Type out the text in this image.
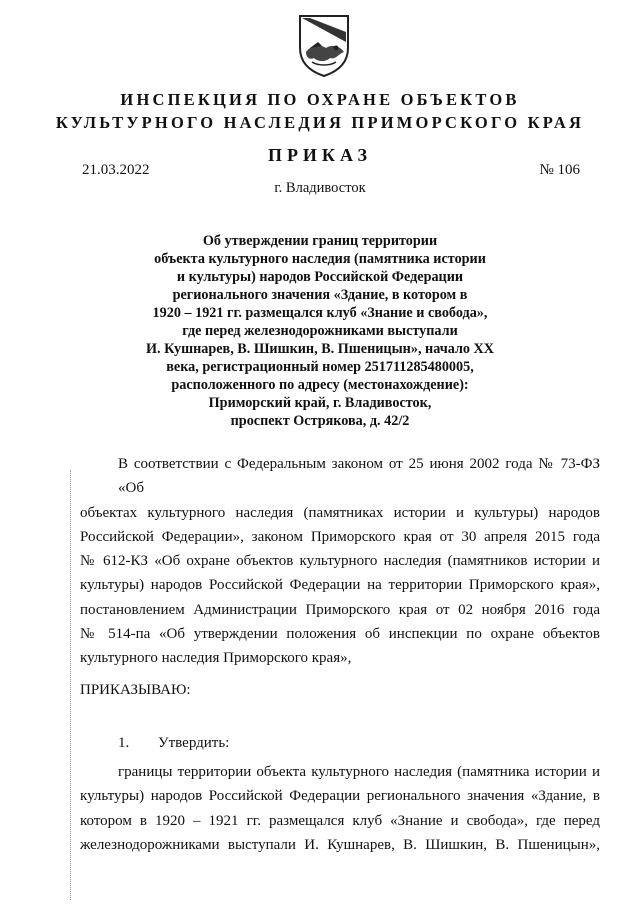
ИНСПЕКЦИЯ ПО ОХРАНЕ ОБЪЕКТОВ
КУЛЬТУРНОГО НАСЛЕДИЯ ПРИМОРСКОГО КРАЯ
ПРИКАЗ
21.03.2022	№ 106
г. Владивосток
Об утверждении границ территории
объекта культурного наследия (памятника истории
и культуры) народов Российской Федерации
регионального значения «Здание, в котором в
1920 – 1921 гг. размещался клуб «Знание и свобода»,
где перед железнодорожниками выступали
И. Кушнарев, В. Шишкин, В. Пшеницын», начало XX
века, регистрационный номер 251711285480005,
расположенного по адресу (местонахождение):
Приморский край, г. Владивосток,
проспект Острякова, д. 42/2
В соответствии с Федеральным законом от 25 июня 2002 года № 73-ФЗ «Об
объектах культурного наследия (памятниках истории и культуры) народов
Российской Федерации», законом Приморского края от 30 апреля 2015 года
№ 612-КЗ «Об охране объектов культурного наследия (памятников истории и
культуры) народов Российской Федерации на территории Приморского края»,
постановлением Администрации Приморского края от 02 ноября 2016 года
№ 514-па «Об утверждении положения об инспекции по охране объектов
культурного наследия Приморского края»,
ПРИКАЗЫВАЮ:
1. Утвердить:
границы территории объекта культурного наследия (памятника истории и
культуры) народов Российской Федерации регионального значения «Здание, в
котором в 1920 – 1921 гг. размещался клуб «Знание и свобода», где перед
железнодорожниками выступали И. Кушнарев, В. Шишкин, В. Пшеницын»,
